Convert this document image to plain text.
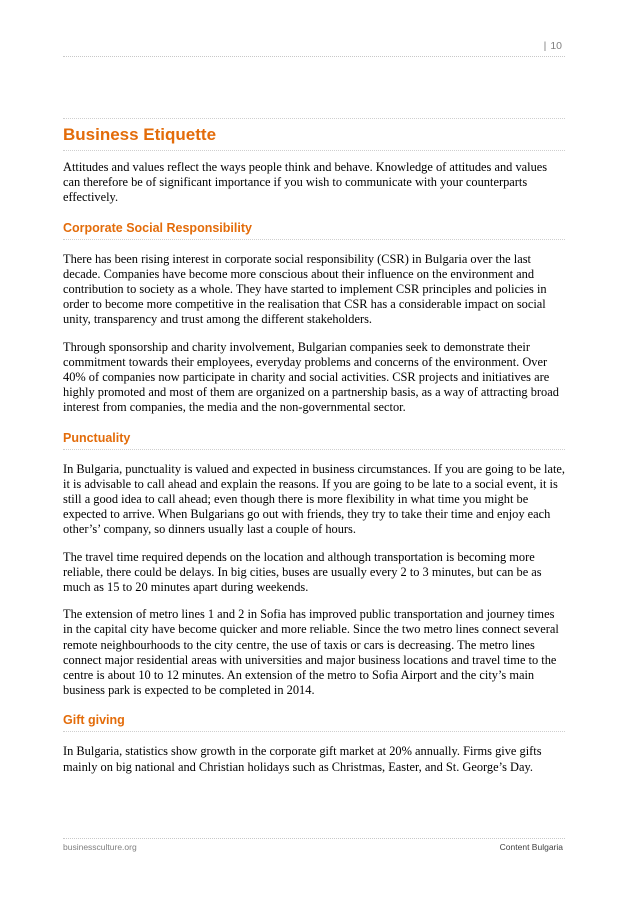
| 10
Business Etiquette

Attitudes and values reflect the ways people think and behave. Knowledge of attitudes and values can therefore be of significant importance if you wish to communicate with your counterparts effectively.

Corporate Social Responsibility

There has been rising interest in corporate social responsibility (CSR) in Bulgaria over the last decade. Companies have become more conscious about their influence on the environment and contribution to society as a whole. They have started to implement CSR principles and policies in order to become more competitive in the realisation that CSR has a considerable impact on social unity, transparency and trust among the different stakeholders.

Through sponsorship and charity involvement, Bulgarian companies seek to demonstrate their commitment towards their employees, everyday problems and concerns of the environment. Over 40% of companies now participate in charity and social activities. CSR projects and initiatives are highly promoted and most of them are organized on a partnership basis, as a way of attracting broad interest from companies, the media and the non-governmental sector.

Punctuality

In Bulgaria, punctuality is valued and expected in business circumstances. If you are going to be late, it is advisable to call ahead and explain the reasons. If you are going to be late to a social event, it is still a good idea to call ahead; even though there is more flexibility in what time you might be expected to arrive. When Bulgarians go out with friends, they try to take their time and enjoy each other’s’ company, so dinners usually last a couple of hours.

The travel time required depends on the location and although transportation is becoming more reliable, there could be delays. In big cities, buses are usually every 2 to 3 minutes, but can be as much as 15 to 20 minutes apart during weekends.

The extension of metro lines 1 and 2 in Sofia has improved public transportation and journey times in the capital city have become quicker and more reliable. Since the two metro lines connect several remote neighbourhoods to the city centre, the use of taxis or cars is decreasing. The metro lines connect major residential areas with universities and major business locations and travel time to the centre is about 10 to 12 minutes. An extension of the metro to Sofia Airport and the city’s main business park is expected to be completed in 2014.

Gift giving

In Bulgaria, statistics show growth in the corporate gift market at 20% annually. Firms give gifts mainly on big national and Christian holidays such as Christmas, Easter, and St. George’s Day.

businessculture.org	Content Bulgaria
